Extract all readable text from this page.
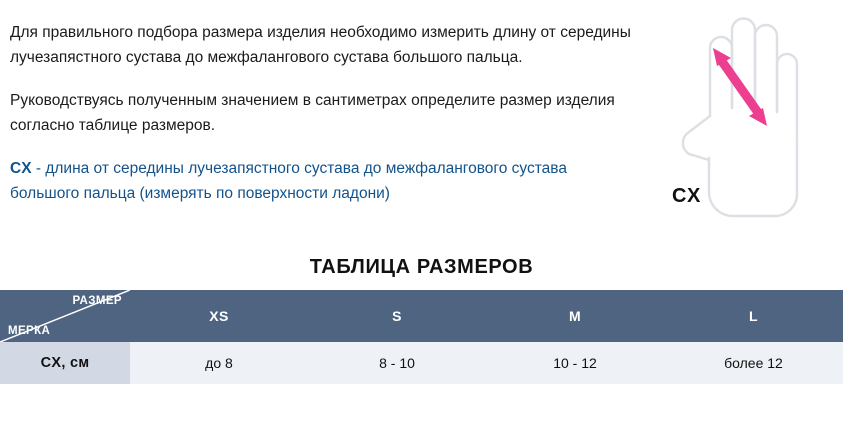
Для правильного подбора размера изделия необходимо измерить длину от середины лучезапястного сустава до межфалангового сустава большого пальца.

Руководствуясь полученным значением в сантиметрах определите размер изделия согласно таблице размеров.

CX - длина от середины лучезапястного сустава до межфалангового сустава большого пальца (измерять по поверхности ладони)	CX
ТАБЛИЦА РАЗМЕРОВ
РАЗМЕР
МЕРКА	XS	S	M	L
CX, см	до 8	8 - 10	10 - 12	более 12
